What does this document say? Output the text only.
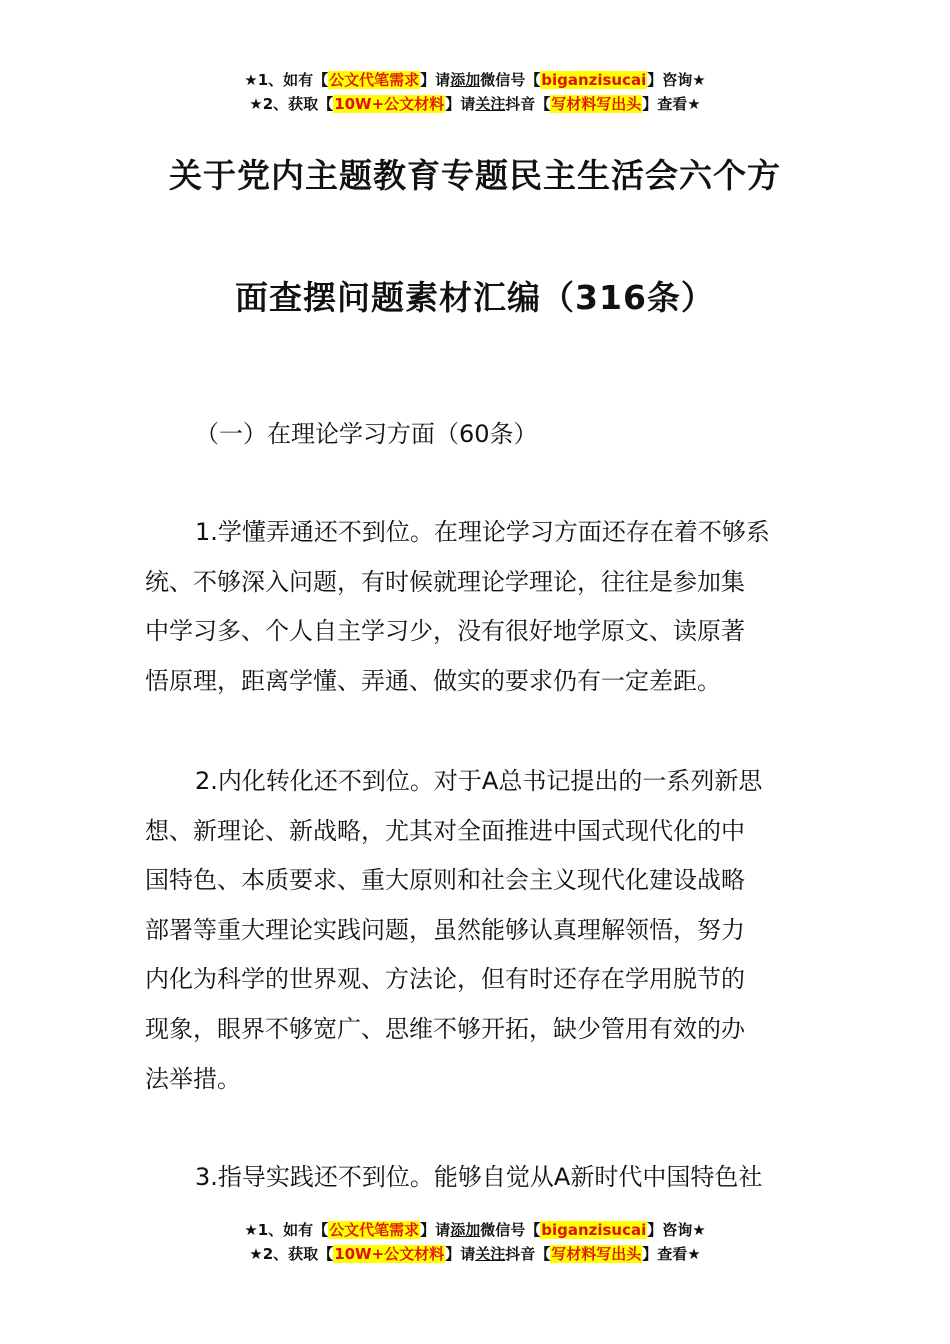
★1、如有【公文代笔需求】请添加微信号【biganzisucai】咨询★
★2、获取【10W+公文材料】请关注抖音【写材料写出头】查看★
关于党内主题教育专题民主生活会六个方
面查摆问题素材汇编（316条）
（一）在理论学习方面（60条）
1.学懂弄通还不到位。在理论学习方面还存在着不够系
统、不够深入问题，有时候就理论学理论，往往是参加集
中学习多、个人自主学习少，没有很好地学原文、读原著
悟原理，距离学懂、弄通、做实的要求仍有一定差距。
2.内化转化还不到位。对于A总书记提出的一系列新思
想、新理论、新战略，尤其对全面推进中国式现代化的中
国特色、本质要求、重大原则和社会主义现代化建设战略
部署等重大理论实践问题，虽然能够认真理解领悟，努力
内化为科学的世界观、方法论，但有时还存在学用脱节的
现象，眼界不够宽广、思维不够开拓，缺少管用有效的办
法举措。
3.指导实践还不到位。能够自觉从A新时代中国特色社
★1、如有【公文代笔需求】请添加微信号【biganzisucai】咨询★
★2、获取【10W+公文材料】请关注抖音【写材料写出头】查看★
